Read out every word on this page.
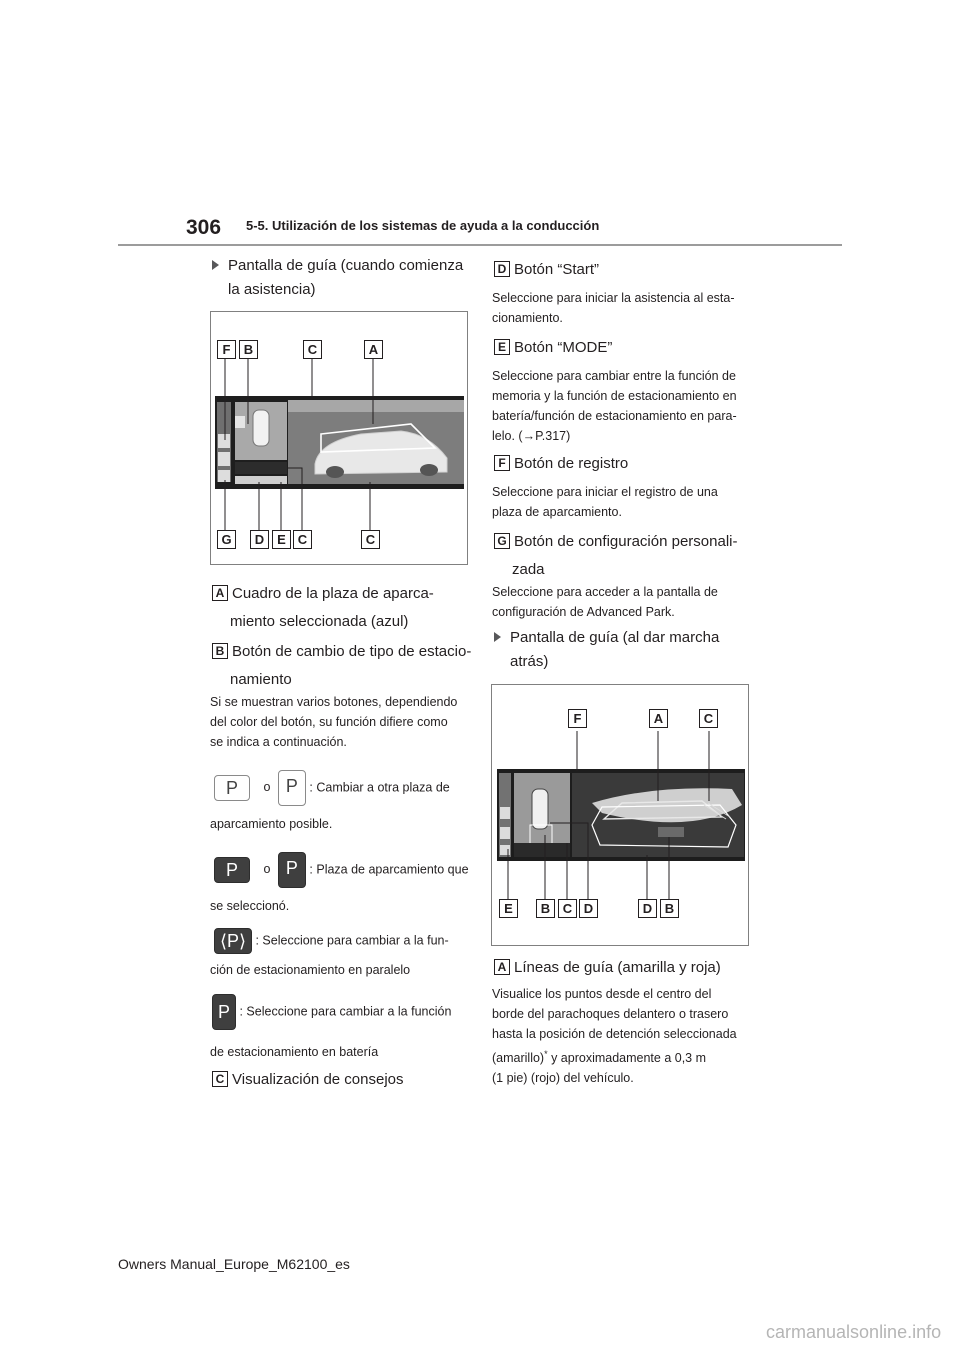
306 5-5. Utilización de los sistemas de ayuda a la conducción
Pantalla de guía (cuando comienza la asistencia)
F	B	C	A
G	D E C	C
A Cuadro de la plaza de aparca-
miento seleccionada (azul)
B Botón de cambio de tipo de estacio-
namiento
Si se muestran varios botones, dependiendo
del color del botón, su función difiere como
se indica a continuación.
P o P : Cambiar a otra plaza de
aparcamiento posible.
P o P : Plaza de aparcamiento que
se seleccionó.
⟨P⟩ : Seleccione para cambiar a la fun-
ción de estacionamiento en paralelo
P : Seleccione para cambiar a la función
de estacionamiento en batería
C Visualización de consejos
D Botón “Start”
Seleccione para iniciar la asistencia al esta-
cionamiento.
E Botón “MODE”
Seleccione para cambiar entre la función de
memoria y la función de estacionamiento en
batería/función de estacionamiento en para-
lelo. (→P.317)
F Botón de registro
Seleccione para iniciar el registro de una
plaza de aparcamiento.
G Botón de configuración personali-
zada
Seleccione para acceder a la pantalla de
configuración de Advanced Park.
Pantalla de guía (al dar marcha atrás)
F	A	C
E	B C D	D B
A Líneas de guía (amarilla y roja)
Visualice los puntos desde el centro del
borde del parachoques delantero o trasero
hasta la posición de detención seleccionada
(amarillo)* y aproximadamente a 0,3 m
(1 pie) (rojo) del vehículo.
Owners Manual_Europe_M62100_es
carmanualsonline.info
